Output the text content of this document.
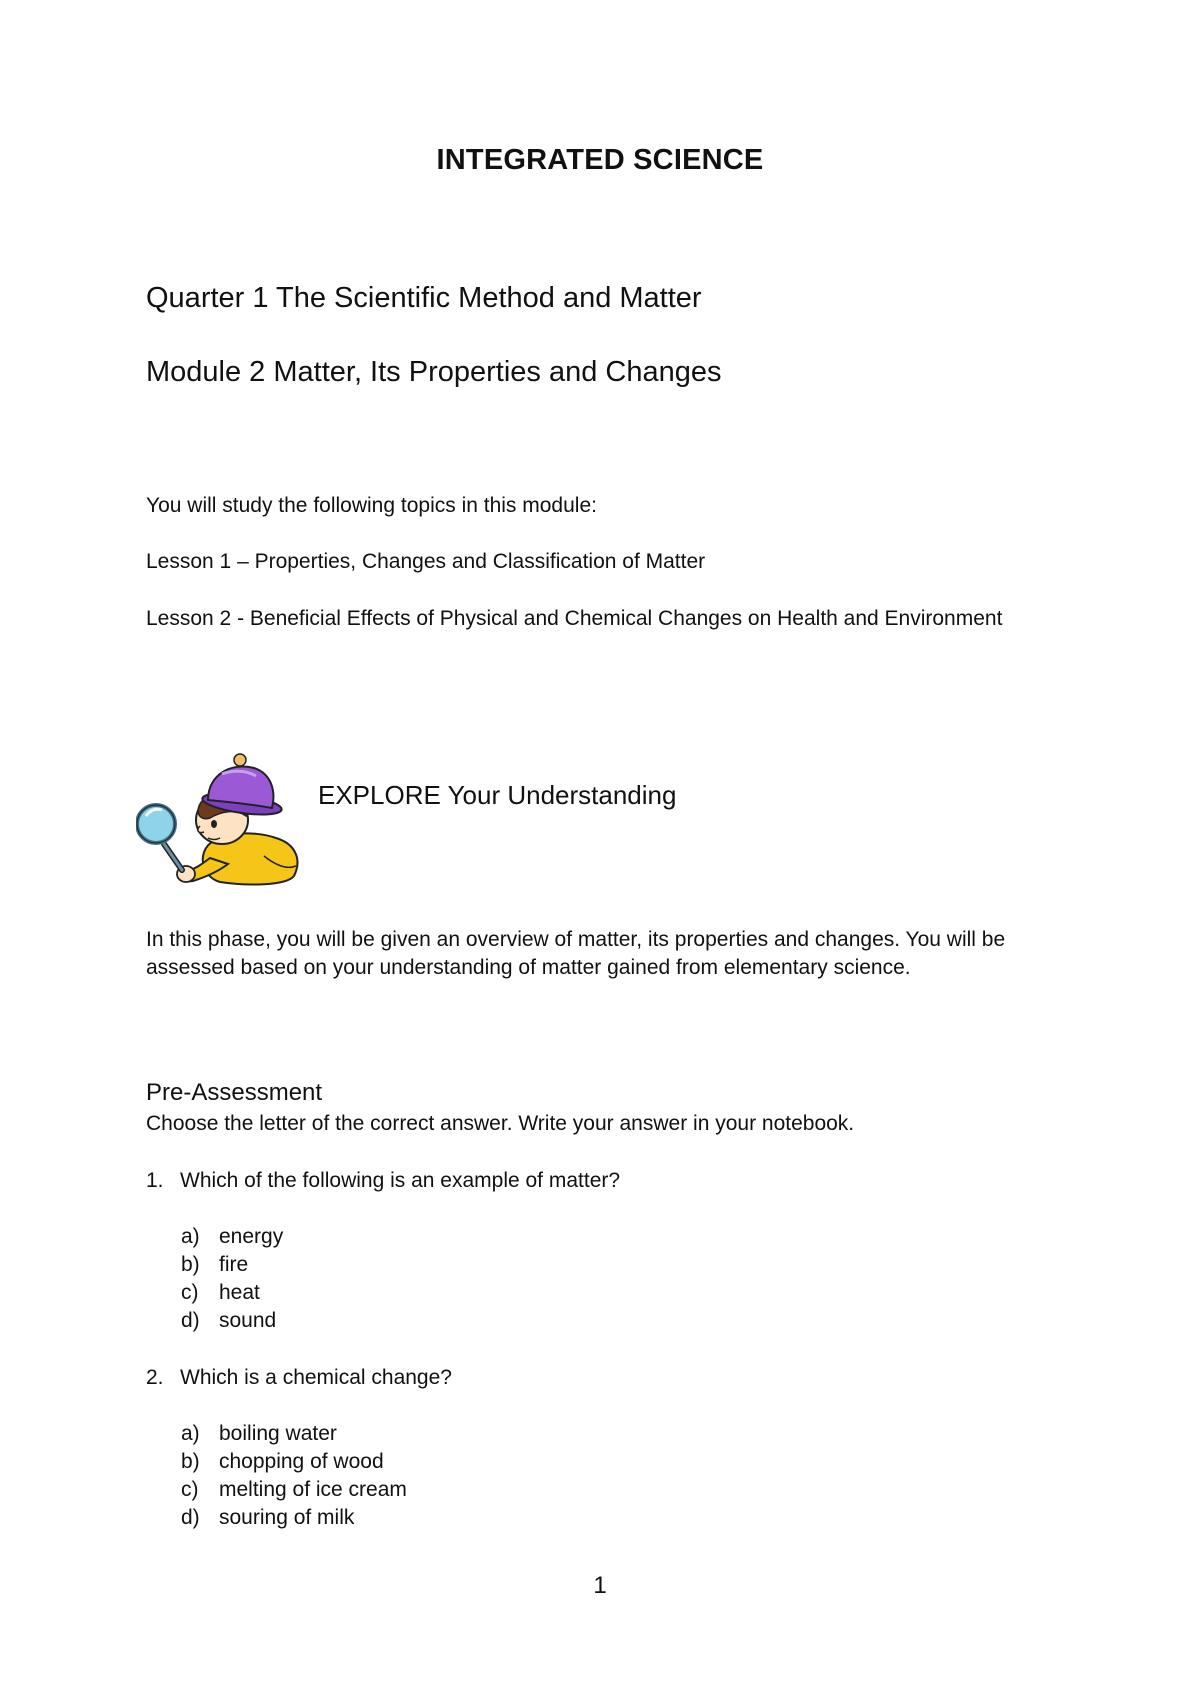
INTEGRATED SCIENCE
Quarter 1 The Scientific Method and Matter
Module 2 Matter, Its Properties and Changes

You will study the following topics in this module:

Lesson 1 – Properties, Changes and Classification of Matter

Lesson 2 - Beneficial Effects of Physical and Chemical Changes on Health and Environment

EXPLORE Your Understanding

In this phase, you will be given an overview of matter, its properties and changes. You will be assessed based on your understanding of matter gained from elementary science.

Pre-Assessment

Choose the letter of the correct answer. Write your answer in your notebook.

1. Which of the following is an example of matter?

a) energy

b) fire

c) heat

d) sound

2. Which is a chemical change?

a) boiling water

b) chopping of wood

c) melting of ice cream

d) souring of milk

1
